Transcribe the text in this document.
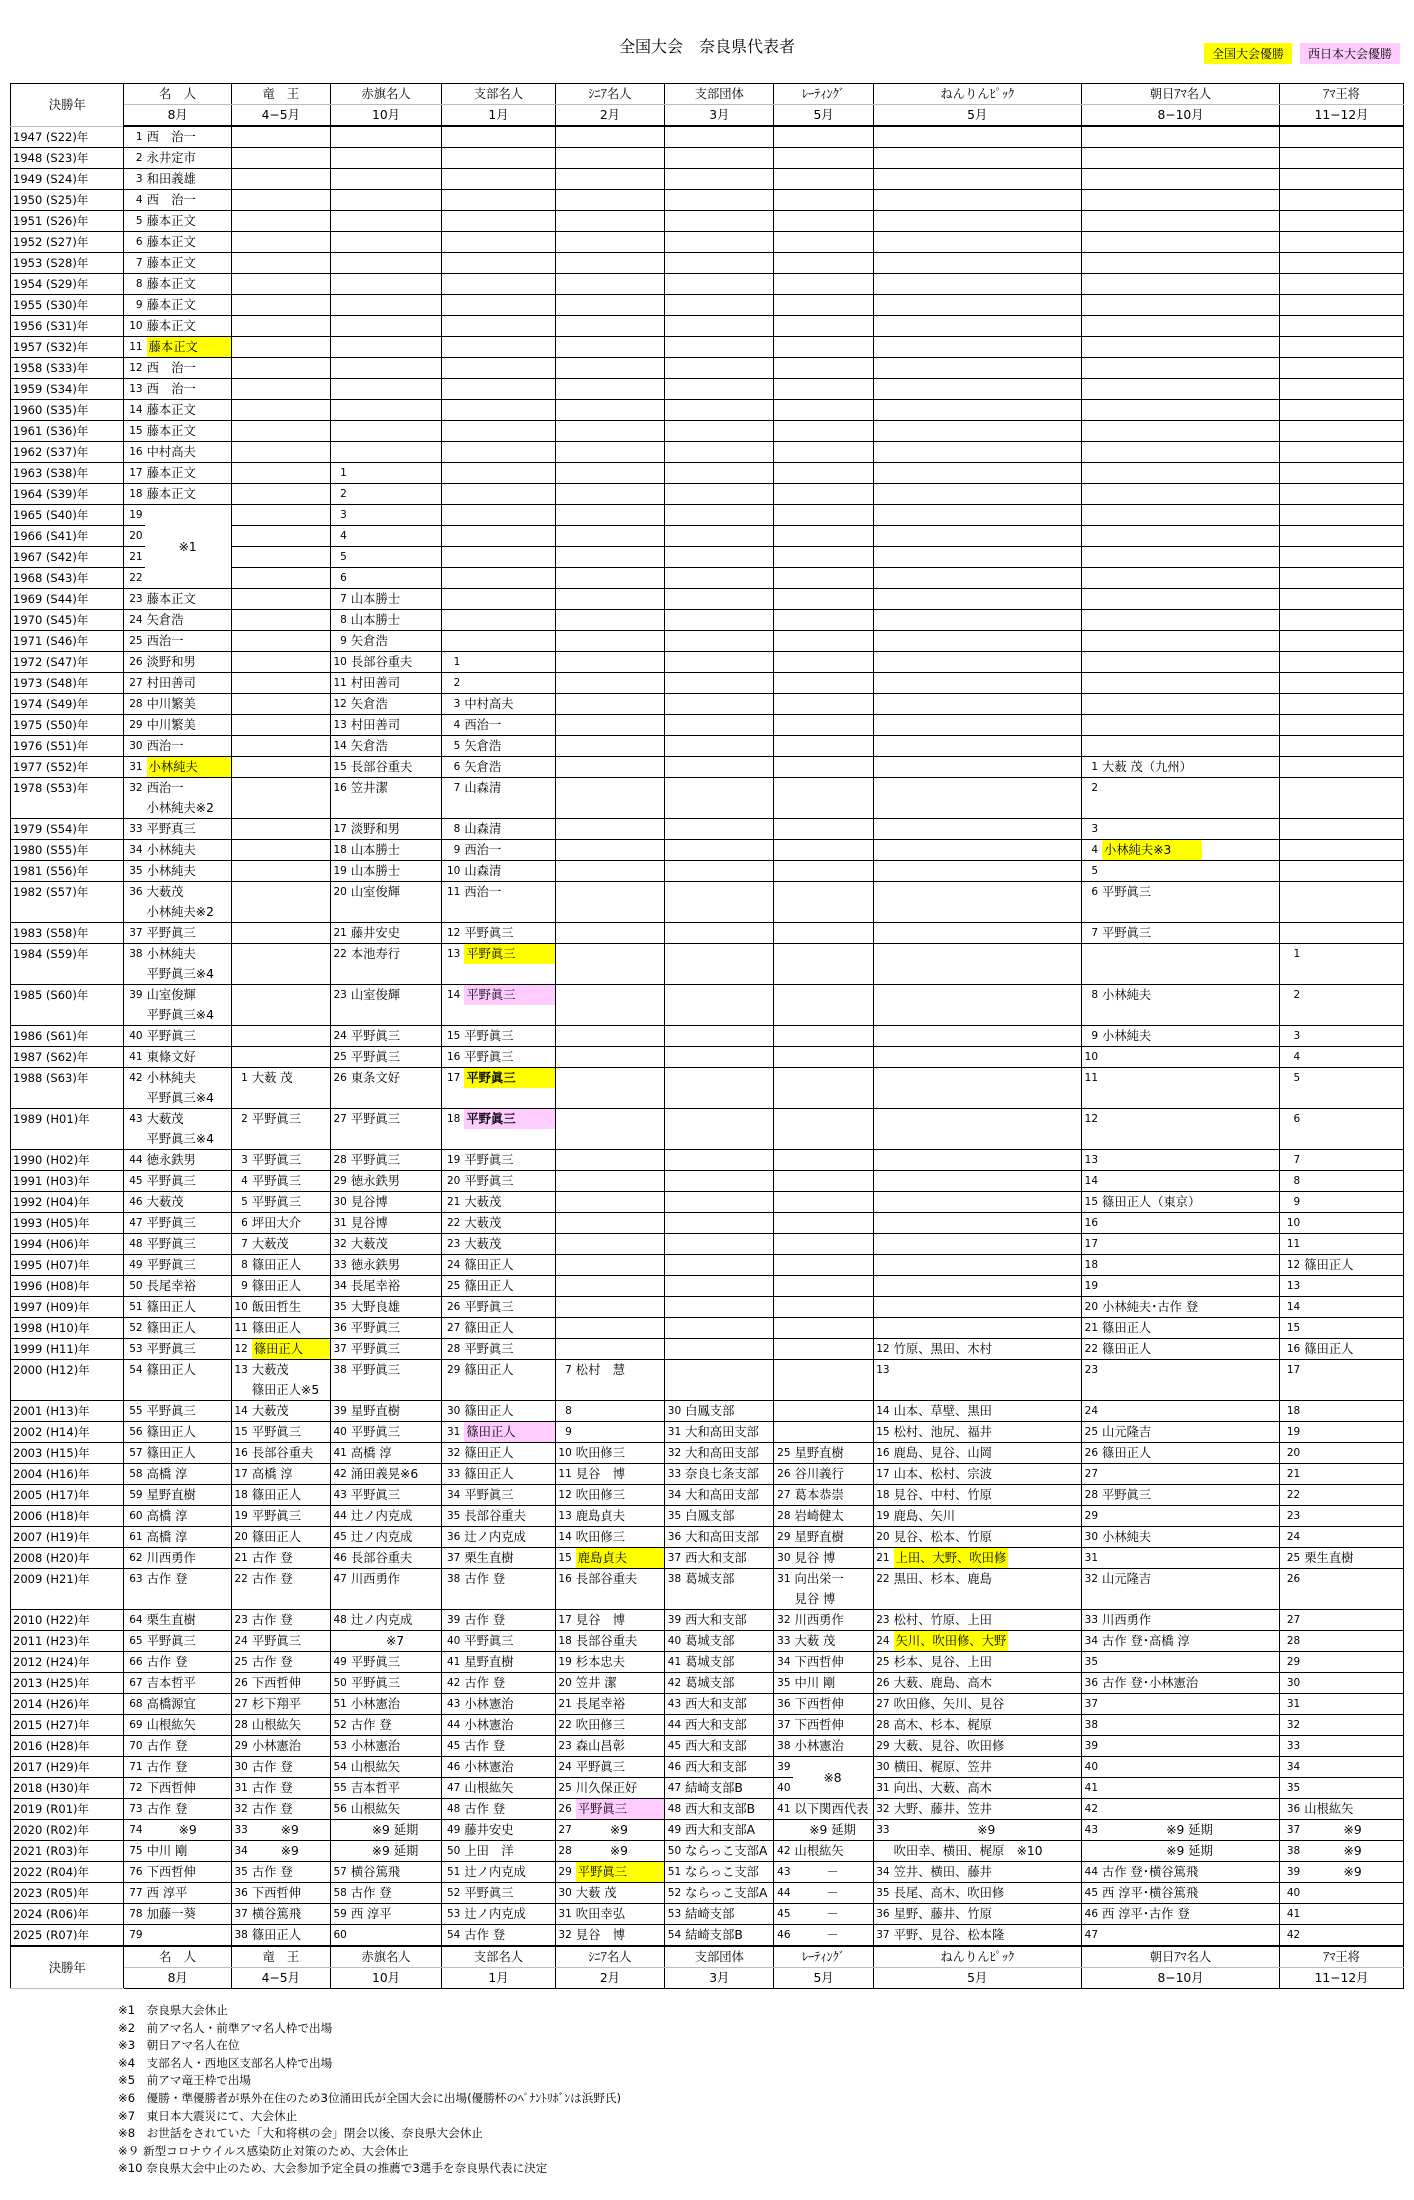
全国大会　奈良県代表者	全国大会優勝	西日本大会優勝
決勝年	名　人		竜　王		赤旗名人		支部名人		ｼﾆｱ名人		支部団体		ﾚｰﾃｨﾝｸﾞ		ねんりんﾋﾟｯｸ		朝日ｱﾏ名人		ｱﾏ王将	
	8月		4−5月		10月		1月		2月		3月		5月		5月		8−10月		11−12月	
1947 (S22)年	1	西　治一																		

1948 (S23)年	2	永井定市																		

1949 (S24)年	3	和田義雄																		

1950 (S25)年	4	西　治一																		

1951 (S26)年	5	藤本正文																		

1952 (S27)年	6	藤本正文																		

1953 (S28)年	7	藤本正文																		

1954 (S29)年	8	藤本正文																		

1955 (S30)年	9	藤本正文																		

1956 (S31)年	10	藤本正文																		

1957 (S32)年	11	藤本正文																		

1958 (S33)年	12	西　治一																		

1959 (S34)年	13	西　治一																		

1960 (S35)年	14	藤本正文																		

1961 (S36)年	15	藤本正文																		

1962 (S37)年	16	中村高夫																		

1963 (S38)年	17	藤本正文			1	

1964 (S39)年	18	藤本正文			2	

1965 (S40)年	19	※1			3	

1966 (S41)年	20				4	

1967 (S42)年	21				5	

1968 (S43)年	22				6	

1969 (S44)年	23	藤本正文			7	山本勝士														

1970 (S45)年	24	矢倉浩			8	山本勝士														

1971 (S46)年	25	西治一			9	矢倉浩														

1972 (S47)年	26	淡野和男			10	長部谷重夫	1	

1973 (S48)年	27	村田善司			11	村田善司	2	

1974 (S49)年	28	中川繁美			12	矢倉浩	3	中村高夫												

1975 (S50)年	29	中川繁美			13	村田善司	4	西治一												

1976 (S51)年	30	西治一			14	矢倉浩	5	矢倉浩												

1977 (S52)年	31	小林純夫			15	長部谷重夫	6	矢倉浩									1	大薮 茂（九州）		

1978 (S53)年	32	西治一
小林純夫※2			16	笠井潔	7	山森清									2	

1979 (S54)年	33	平野真三			17	淡野和男	8	山森清									3	

1980 (S55)年	34	小林純夫			18	山本勝士	9	西治一									4	小林純夫※3		

1981 (S56)年	35	小林純夫			19	山本勝士	10	山森清									5	

1982 (S57)年	36	大薮茂
小林純夫※2			20	山室俊輝	11	西治一									6	平野眞三		

1983 (S58)年	37	平野眞三			21	藤井安史	12	平野眞三									7	平野眞三		

1984 (S59)年	38	小林純夫
平野眞三※4			22	本池寿行	13	平野眞三											1	

1985 (S60)年	39	山室俊輝
平野眞三※4			23	山室俊輝	14	平野眞三									8	小林純夫	2	

1986 (S61)年	40	平野眞三			24	平野眞三	15	平野眞三									9	小林純夫	3	

1987 (S62)年	41	東條文好			25	平野眞三	16	平野眞三									10		4	

1988 (S63)年	42	小林純夫
平野眞三※4	1	大薮 茂	26	東条文好	17	平野眞三									11		5	

1989 (H01)年	43	大薮茂
平野眞三※4	2	平野眞三	27	平野眞三	18	平野眞三									12		6	

1990 (H02)年	44	徳永鉄男	3	平野眞三	28	平野眞三	19	平野眞三									13		7	

1991 (H03)年	45	平野眞三	4	平野眞三	29	徳永鉄男	20	平野眞三									14		8	

1992 (H04)年	46	大薮茂	5	平野眞三	30	見谷博	21	大薮茂									15	篠田正人（東京）	9	

1993 (H05)年	47	平野眞三	6	坪田大介	31	見谷博	22	大薮茂									16		10	

1994 (H06)年	48	平野眞三	7	大薮茂	32	大薮茂	23	大薮茂									17		11	

1995 (H07)年	49	平野眞三	8	篠田正人	33	徳永鉄男	24	篠田正人									18		12	篠田正人

1996 (H08)年	50	長尾幸裕	9	篠田正人	34	長尾幸裕	25	篠田正人									19		13	

1997 (H09)年	51	篠田正人	10	飯田哲生	35	大野良雄	26	平野眞三									20	小林純夫･古作 登	14	

1998 (H10)年	52	篠田正人	11	篠田正人	36	平野眞三	27	篠田正人									21	篠田正人	15	

1999 (H11)年	53	平野眞三	12	篠田正人	37	平野眞三	28	平野眞三							12	竹原、黒田、木村	22	篠田正人	16	篠田正人

2000 (H12)年	54	篠田正人	13	大薮茂
篠田正人※5	38	平野眞三	29	篠田正人	7	松村　慧					13		23		17	

2001 (H13)年	55	平野眞三	14	大薮茂	39	星野直樹	30	篠田正人	8		30	白鳳支部			14	山本、草壁、黒田	24		18	

2002 (H14)年	56	篠田正人	15	平野眞三	40	平野眞三	31	篠田正人	9		31	大和高田支部			15	松村、池尻、福井	25	山元隆吉	19	

2003 (H15)年	57	篠田正人	16	長部谷重夫	41	高橋 淳	32	篠田正人	10	吹田修三	32	大和高田支部	25	星野直樹	16	鹿島、見谷、山岡	26	篠田正人	20	

2004 (H16)年	58	高橋 淳	17	高橋 淳	42	涌田義晃※6	33	篠田正人	11	見谷　博	33	奈良七条支部	26	谷川義行	17	山本、松村、宗波	27		21	

2005 (H17)年	59	星野直樹	18	篠田正人	43	平野眞三	34	平野眞三	12	吹田修三	34	大和高田支部	27	葛本恭崇	18	見谷、中村、竹原	28	平野眞三	22	

2006 (H18)年	60	高橋 淳	19	平野眞三	44	辻ノ内克成	35	長部谷重夫	13	鹿島貞夫	35	白鳳支部	28	岩崎健太	19	鹿島、矢川	29		23	

2007 (H19)年	61	高橋 淳	20	篠田正人	45	辻ノ内克成	36	辻ノ内克成	14	吹田修三	36	大和高田支部	29	星野直樹	20	見谷、松本、竹原	30	小林純夫	24	

2008 (H20)年	62	川西勇作	21	古作 登	46	長部谷重夫	37	栗生直樹	15	鹿島貞夫	37	西大和支部	30	見谷 博	21	上田、大野、吹田修	31		25	栗生直樹

2009 (H21)年	63	古作 登	22	古作 登	47	川西勇作	38	古作 登	16	長部谷重夫	38	葛城支部	31	向出栄一
見谷 博	22	黒田、杉本、鹿島	32	山元隆吉	26	

2010 (H22)年	64	栗生直樹	23	古作 登	48	辻ノ内克成	39	古作 登	17	見谷　博	39	西大和支部	32	川西勇作	23	松村、竹原、上田	33	川西勇作	27	

2011 (H23)年	65	平野眞三	24	平野眞三		※7	40	平野眞三	18	長部谷重夫	40	葛城支部	33	大薮 茂	24	矢川、吹田修、大野	34	古作 登･高橋 淳	28	

2012 (H24)年	66	古作 登	25	古作 登	49	平野眞三	41	星野直樹	19	杉本忠夫	41	葛城支部	34	下西哲伸	25	杉本、見谷、上田	35		29	

2013 (H25)年	67	吉本哲平	26	下西哲伸	50	平野眞三	42	古作 登	20	笠井 潔	42	葛城支部	35	中川 剛	26	大薮、鹿島、高木	36	古作 登･小林憲治	30	

2014 (H26)年	68	高橋源宜	27	杉下翔平	51	小林憲治	43	小林憲治	21	長尾幸裕	43	西大和支部	36	下西哲伸	27	吹田修、矢川、見谷	37		31	

2015 (H27)年	69	山根紘矢	28	山根紘矢	52	古作 登	44	小林憲治	22	吹田修三	44	西大和支部	37	下西哲伸	28	高木、杉本、梶原	38		32	

2016 (H28)年	70	古作 登	29	小林憲治	53	小林憲治	45	古作 登	23	森山昌彰	45	西大和支部	38	小林憲治	29	大薮、見谷、吹田修	39		33	

2017 (H29)年	71	古作 登	30	古作 登	54	山根紘矢	46	小林憲治	24	平野眞三	46	西大和支部	39	※8	30	横田、梶原、笠井	40		34	

2018 (H30)年	72	下西哲伸	31	古作 登	55	吉本哲平	47	山根紘矢	25	川久保正好	47	結崎支部B	40		31	向出、大薮、高木	41		35	

2019 (R01)年	73	古作 登	32	古作 登	56	山根紘矢	48	古作 登	26	平野眞三	48	西大和支部B	41	以下関西代表	32	大野、藤井、笠井	42		36	山根紘矢

2020 (R02)年	74	※9	33	※9		※9 延期	49	藤井安史	27	※9	49	西大和支部A		※9 延期	33	※9	43	※9 延期	37	※9

2021 (R03)年	75	中川 剛	34	※9		※9 延期	50	上田　洋	28	※9	50	ならっこ支部A	42	山根紘矢		吹田幸、横田、梶原　※10		※9 延期	38	※9

2022 (R04)年	76	下西哲伸	35	古作 登	57	横谷篤飛	51	辻ノ内克成	29	平野眞三	51	ならっこ支部	43	－	34	笠井、横田、藤井	44	古作 登･横谷篤飛	39	※9

2023 (R05)年	77	西 淳平	36	下西哲伸	58	古作 登	52	平野眞三	30	大薮 茂	52	ならっこ支部A	44	－	35	長尾、高木、吹田修	45	西 淳平･横谷篤飛	40	

2024 (R06)年	78	加藤一葵	37	横谷篤飛	59	西 淳平	53	辻ノ内克成	31	吹田幸弘	53	結崎支部	45	－	36	星野、藤井、竹原	46	西 淳平･古作 登	41	

2025 (R07)年	79		38	篠田正人	60		54	古作 登	32	見谷　博	54	結崎支部B	46	－	37	平野、見谷、松本隆	47		42	

決勝年	名　人		竜　王		赤旗名人		支部名人		ｼﾆｱ名人		支部団体		ﾚｰﾃｨﾝｸﾞ		ねんりんﾋﾟｯｸ		朝日ｱﾏ名人		ｱﾏ王将	
	8月		4−5月		10月		1月		2月		3月		5月		5月		8−10月		11−12月	
※1　奈良県大会休止
※2　前アマ名人・前準アマ名人枠で出場
※3　朝日アマ名人在位
※4　支部名人・西地区支部名人枠で出場
※5　前アマ竜王枠で出場
※6　優勝・準優勝者が県外在住のため3位涌田氏が全国大会に出場(優勝杯のﾍﾟﾅﾝﾄﾘﾎﾞﾝは浜野氏)
※7　東日本大震災にて、大会休止
※8　お世話をされていた「大和将棋の会」閉会以後、奈良県大会休止
※９ 新型コロナウイルス感染防止対策のため、大会休止
※10 奈良県大会中止のため、大会参加予定全員の推薦で3選手を奈良県代表に決定
